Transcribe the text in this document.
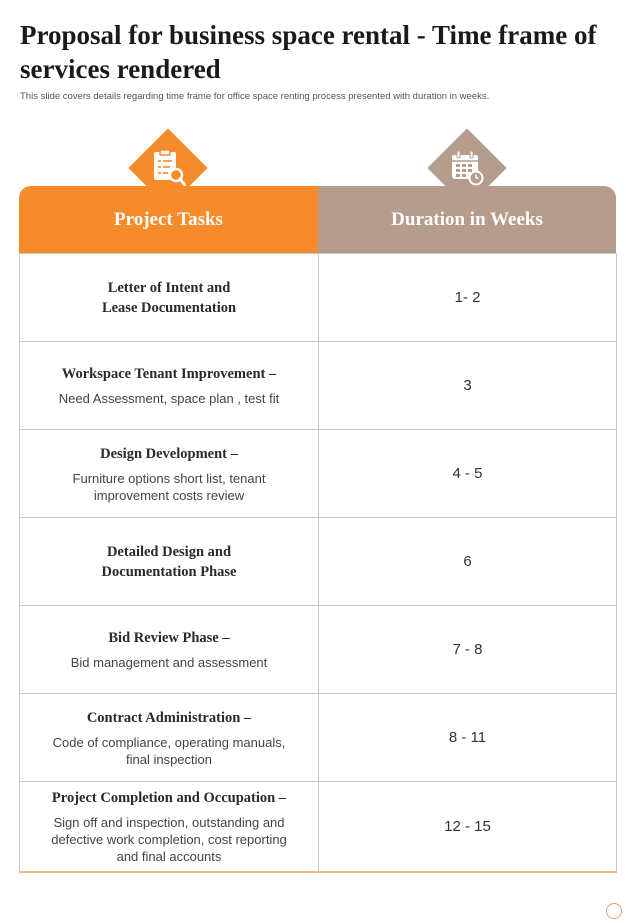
Proposal for business space rental - Time frame of services rendered

This slide covers details regarding time frame for office space renting process presented with duration in weeks.

Project Tasks	Duration in Weeks
Letter of Intent and
Lease Documentation
1- 2
Workspace Tenant Improvement –
Need Assessment, space plan , test fit
3
Design Development –
Furniture options short list, tenant
improvement costs review
4 - 5
Detailed Design and
Documentation Phase
6
Bid Review Phase –
Bid management and assessment
7 - 8
Contract Administration –
Code of compliance, operating manuals,
final inspection
8 - 11
Project Completion and Occupation –
Sign off and inspection, outstanding and
defective work completion, cost reporting
and final accounts
12 - 15
